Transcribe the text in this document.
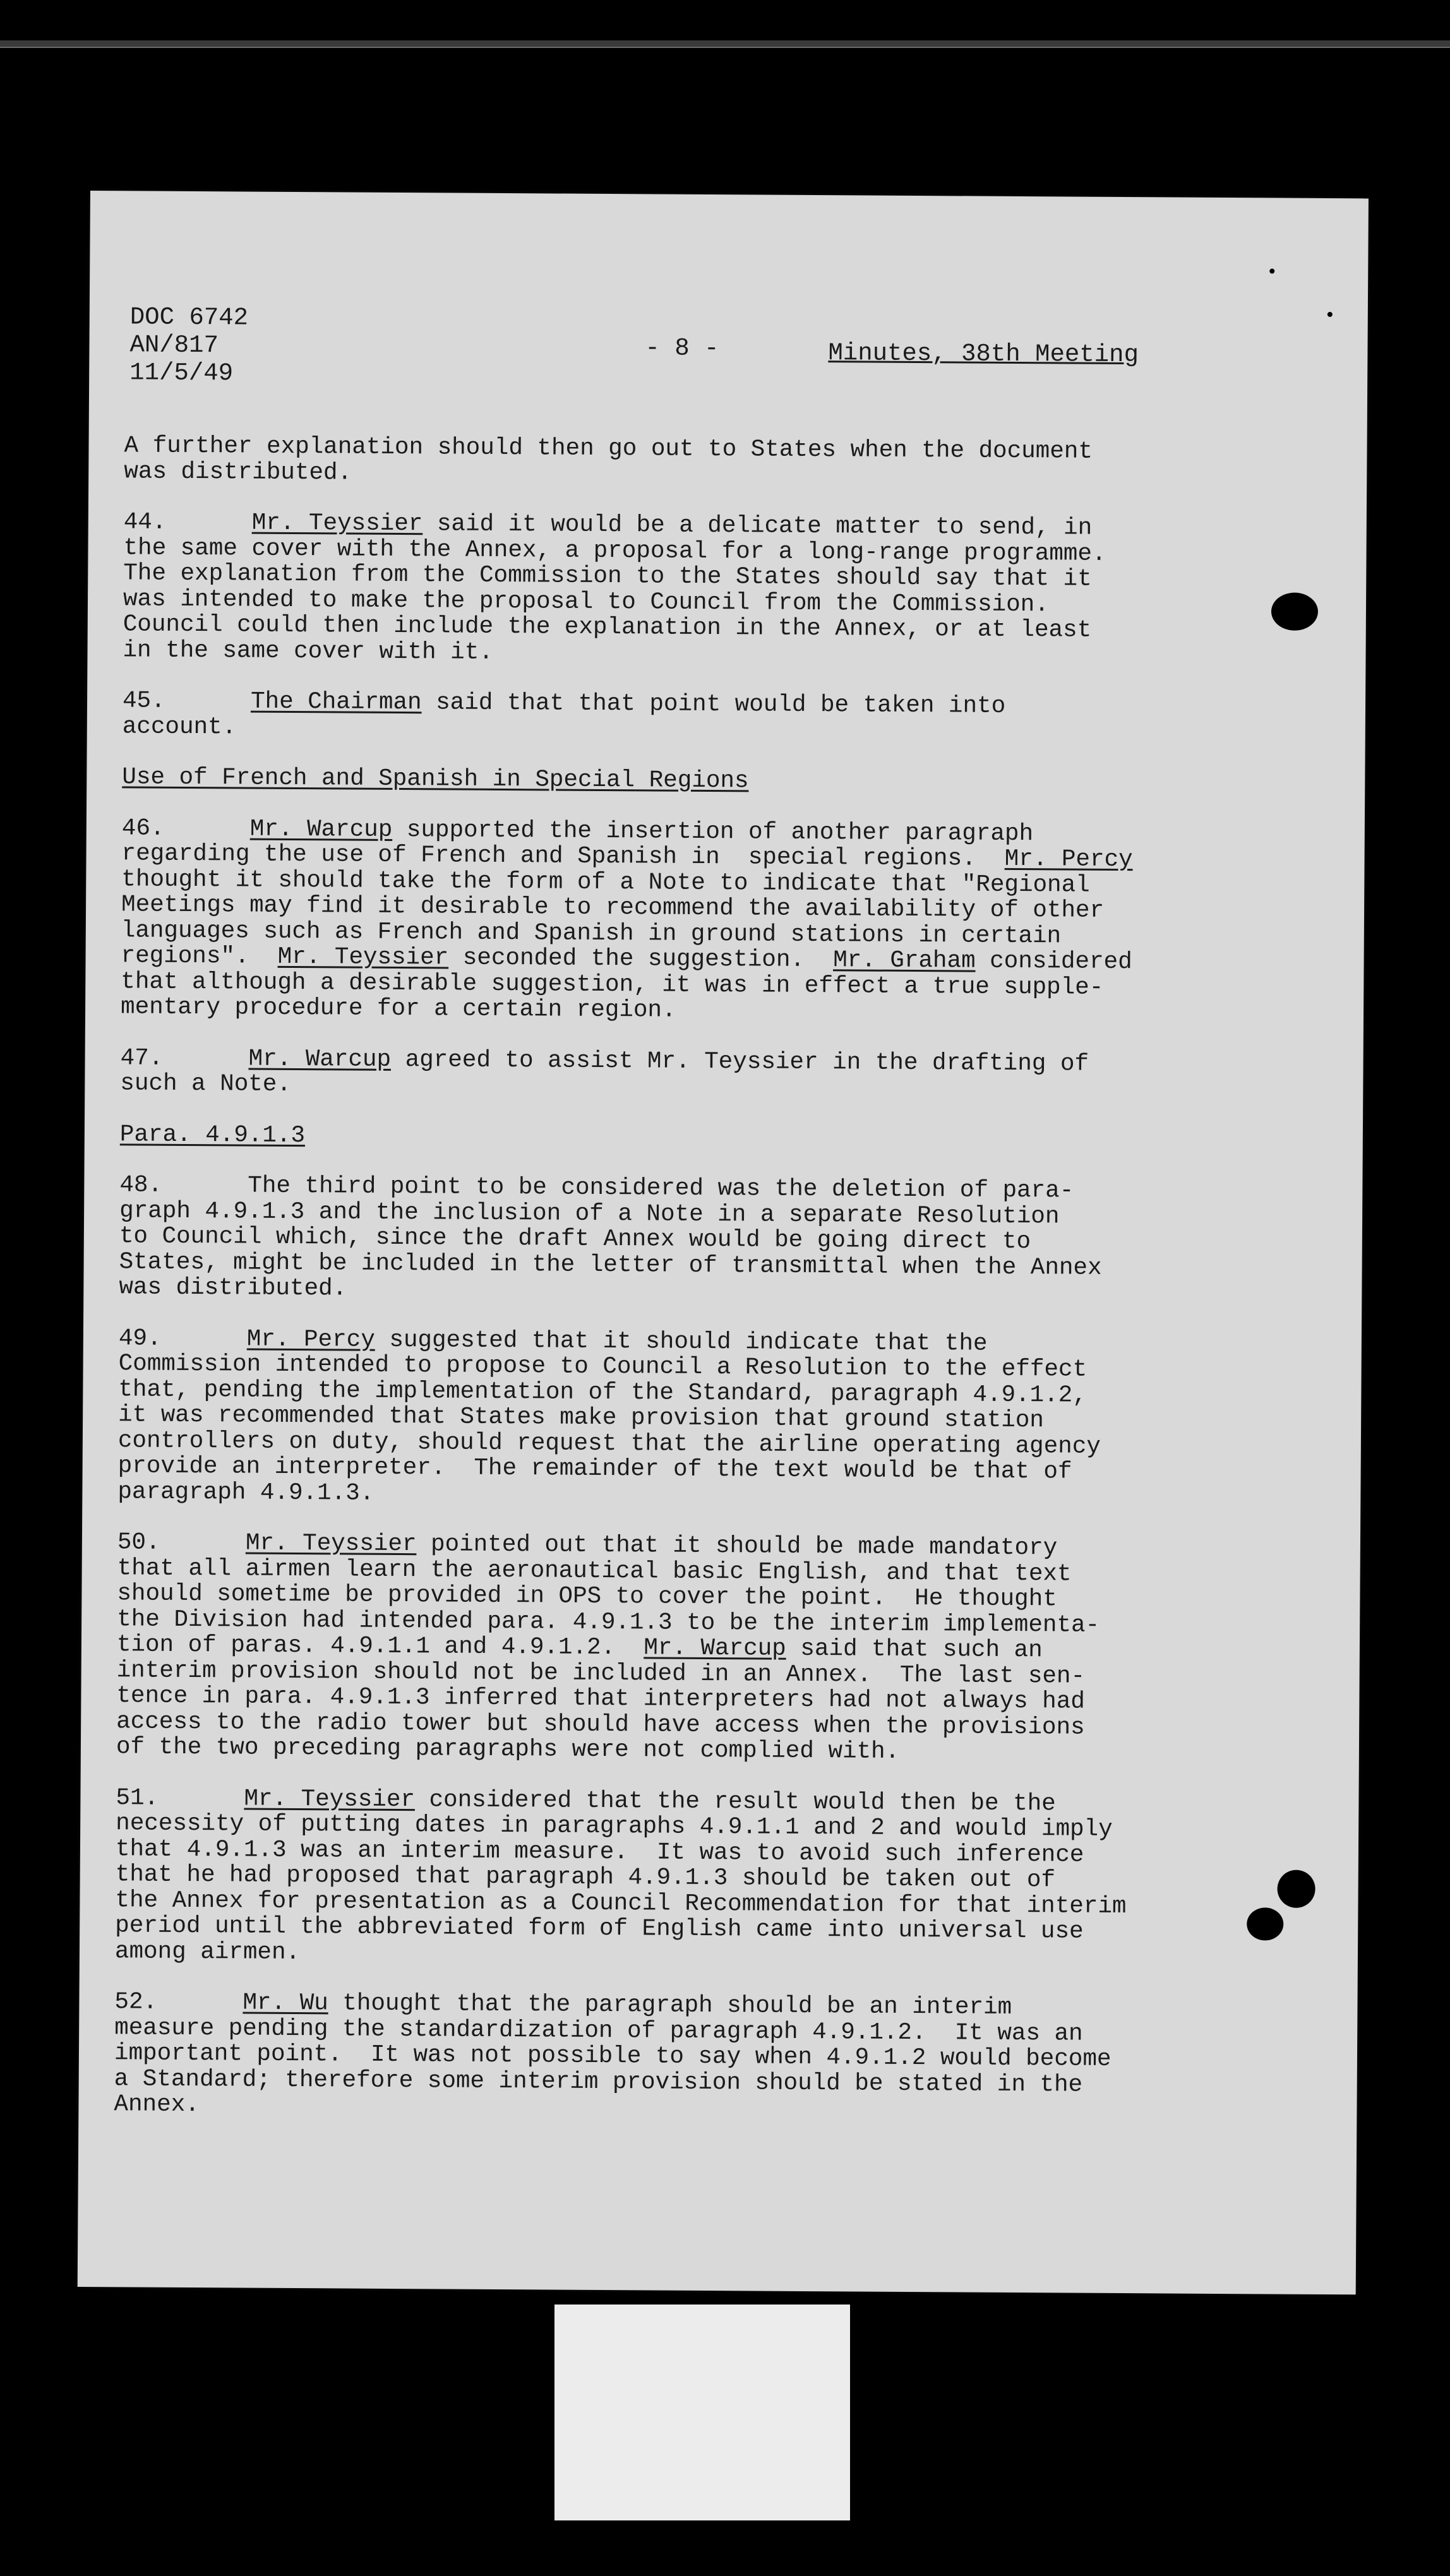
DOC 6742
AN/817
11/5/49
- 8 -	Minutes, 38th Meeting

A further explanation should then go out to States when the document
was distributed.

44.	Mr. Teyssier said it would be a delicate matter to send, in
the same cover with the Annex, a proposal for a long-range programme.
The explanation from the Commission to the States should say that it
was intended to make the proposal to Council from the Commission.
Council could then include the explanation in the Annex, or at least
in the same cover with it.

45.	The Chairman said that that point would be taken into
account.

Use of French and Spanish in Special Regions

46.	Mr. Warcup supported the insertion of another paragraph
regarding the use of French and Spanish in  special regions.  Mr. Percy
thought it should take the form of a Note to indicate that "Regional
Meetings may find it desirable to recommend the availability of other
languages such as French and Spanish in ground stations in certain
regions".  Mr. Teyssier seconded the suggestion.  Mr. Graham considered
that although a desirable suggestion, it was in effect a true supple-
mentary procedure for a certain region.

47.	Mr. Warcup agreed to assist Mr. Teyssier in the drafting of
such a Note.

Para. 4.9.1.3

48.	The third point to be considered was the deletion of para-
graph 4.9.1.3 and the inclusion of a Note in a separate Resolution
to Council which, since the draft Annex would be going direct to
States, might be included in the letter of transmittal when the Annex
was distributed.

49.	Mr. Percy suggested that it should indicate that the
Commission intended to propose to Council a Resolution to the effect
that, pending the implementation of the Standard, paragraph 4.9.1.2,
it was recommended that States make provision that ground station
controllers on duty, should request that the airline operating agency
provide an interpreter.  The remainder of the text would be that of
paragraph 4.9.1.3.

50.	Mr. Teyssier pointed out that it should be made mandatory
that all airmen learn the aeronautical basic English, and that text
should sometime be provided in OPS to cover the point.  He thought
the Division had intended para. 4.9.1.3 to be the interim implementa-
tion of paras. 4.9.1.1 and 4.9.1.2.  Mr. Warcup said that such an
interim provision should not be included in an Annex.  The last sen-
tence in para. 4.9.1.3 inferred that interpreters had not always had
access to the radio tower but should have access when the provisions
of the two preceding paragraphs were not complied with.

51.	Mr. Teyssier considered that the result would then be the
necessity of putting dates in paragraphs 4.9.1.1 and 2 and would imply
that 4.9.1.3 was an interim measure.  It was to avoid such inference
that he had proposed that paragraph 4.9.1.3 should be taken out of
the Annex for presentation as a Council Recommendation for that interim
period until the abbreviated form of English came into universal use
among airmen.

52.	Mr. Wu thought that the paragraph should be an interim
measure pending the standardization of paragraph 4.9.1.2.  It was an
important point.  It was not possible to say when 4.9.1.2 would become
a Standard; therefore some interim provision should be stated in the
Annex.
